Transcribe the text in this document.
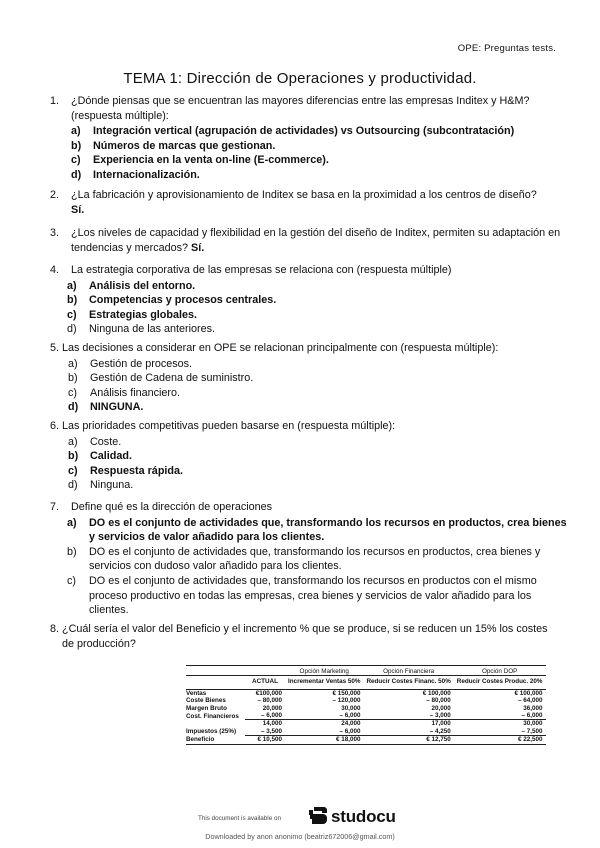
OPE: Preguntas tests.
TEMA 1: Dirección de Operaciones y productividad.
1.	¿Dónde piensas que se encuentran las mayores diferencias entre las empresas Inditex y H&M? (respuesta múltiple):
a)	Integración vertical (agrupación de actividades) vs Outsourcing (subcontratación)
b)	Números de marcas que gestionan.
c)	Experiencia en la venta on-line (E-commerce).
d)	Internacionalización.
2.	¿La fabricación y aprovisionamiento de Inditex se basa en la proximidad a los centros de diseño?
Sí.
3.	¿Los niveles de capacidad y flexibilidad en la gestión del diseño de Inditex, permiten su adaptación en tendencias y mercados? Sí.
4.	La estrategia corporativa de las empresas se relaciona con (respuesta múltiple)
a)	Análisis del entorno.
b)	Competencias y procesos centrales.
c)	Estrategias globales.
d)	Ninguna de las anteriores.
5. Las decisiones a considerar en OPE se relacionan principalmente con (respuesta múltiple):
a)	Gestión de procesos.
b)	Gestión de Cadena de suministro.
c)	Análisis financiero.
d)	NINGUNA.
6. Las prioridades competitivas pueden basarse en (respuesta múltiple):
a)	Coste.
b)	Calidad.
c)	Respuesta rápida.
d)	Ninguna.
7.	Define qué es la dirección de operaciones
a)	DO es el conjunto de actividades que, transformando los recursos en productos, crea bienes y servicios de valor añadido para los clientes.
b)	DO es el conjunto de actividades que, transformando los recursos en productos, crea bienes y servicios con dudoso valor añadido para los clientes.
c)	DO es el conjunto de actividades que, transformando los recursos en productos con el mismo proceso productivo en todas las empresas, crea bienes y servicios de valor añadido para los clientes.
8. ¿Cuál sería el valor del Beneficio y el incremento % que se produce, si se reducen un 15% los costes de producción?
		Opción Marketing	Opción Financiera	Opción DOP
	ACTUAL	Incrementar Ventas 50%	Reducir Costes Financ. 50%	Reducir Costes Produc. 20%
Ventas	€100,000	€ 150,000	€ 100,000	€ 100,000
Coste Bienes	– 80,000	– 120,000	– 80,000	– 64,000
Margen Bruto	20,000	30,000	20,000	36,000
Cost. Financieros	– 6,000	– 6,000	– 3,000	– 6,000
	14,000	24,000	17,000	30,000
Impuestos (25%)	– 3,500	– 6,000	– 4,250	– 7,500
Beneficio	€ 10,500	€ 18,000	€ 12,750	€ 22,500
This document is available on	studocu
Downloaded by anon anonimo (beatriz672006@gmail.com)
